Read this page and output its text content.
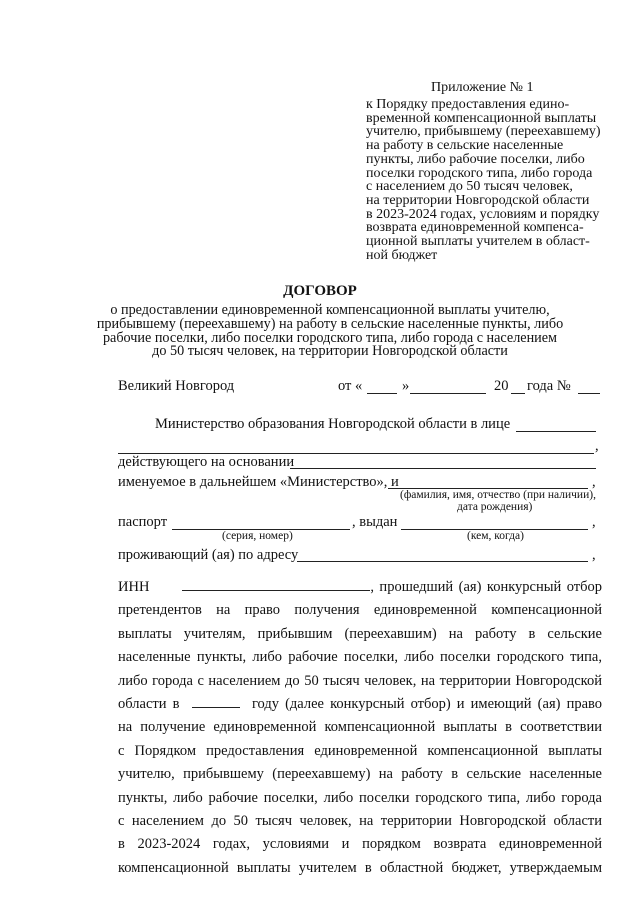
Приложение № 1
к Порядку предоставления едино-
временной компенсационной выплаты
учителю, прибывшему (переехавшему)
на работу в сельские населенные
пункты, либо рабочие поселки, либо
поселки городского типа, либо города
с населением до 50 тысяч человек,
на территории Новгородской области
в 2023-2024 годах, условиям и порядку
возврата единовременной компенса-
ционной выплаты учителем в област-
ной бюджет
ДОГОВОР
о предоставлении единовременной компенсационной выплаты учителю,
прибывшему (переехавшему) на работу в сельские населенные пункты, либо
рабочие поселки, либо поселки городского типа, либо города с населением
до 50 тысяч человек, на территории Новгородской области
Великий Новгород	от «	»	20 года №
Министерство образования Новгородской области в лице
,
действующего на основании
именуемое в дальнейшем «Министерство», и	,
(фамилия, имя, отчество (при наличии),
дата рождения)
паспорт	, выдан	,
(серия, номер)	(кем, когда)
проживающий (ая) по адресу	,
ИНН	, прошедший (ая) конкурсный отбор
претендентов на право получения единовременной компенсационной
выплаты учителям, прибывшим (переехавшим) на работу в сельские
населенные пункты, либо рабочие поселки, либо поселки городского типа,
либо города с населением до 50 тысяч человек, на территории Новгородской
области в	году (далее конкурсный отбор) и имеющий (ая) право
на получение единовременной компенсационной выплаты в соответствии
с Порядком предоставления единовременной компенсационной выплаты
учителю, прибывшему (переехавшему) на работу в сельские населенные
пункты, либо рабочие поселки, либо поселки городского типа, либо города
с населением до 50 тысяч человек, на территории Новгородской области
в 2023-2024 годах, условиями и порядком возврата единовременной
компенсационной выплаты учителем в областной бюджет, утверждаемым
